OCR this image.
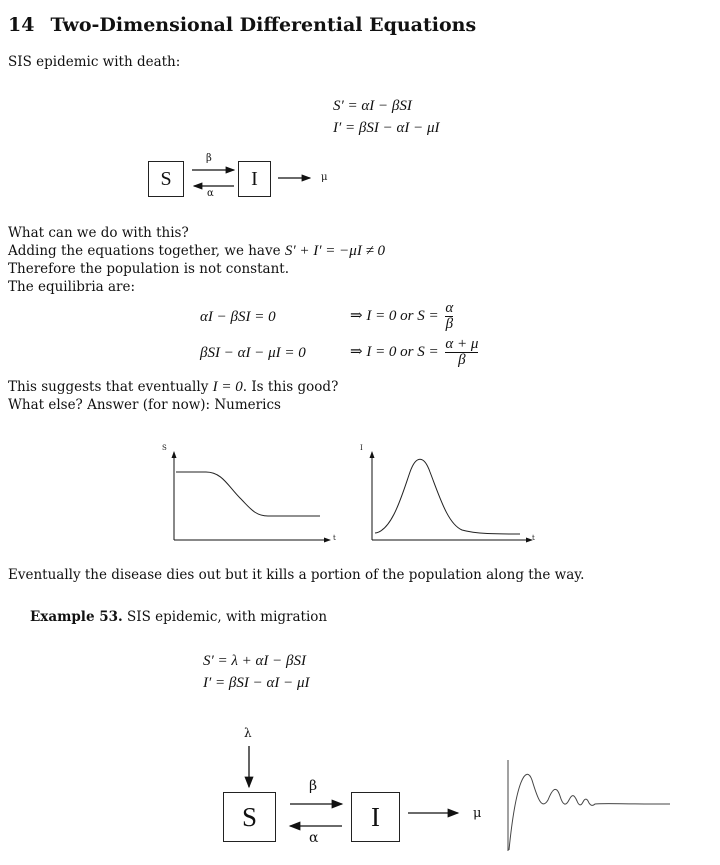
14 Two-Dimensional Differential Equations
SIS epidemic with death:
S′ = αI − βSI
I′ = βSI − αI − μI
S	I
β
α
μ
What can we do with this?
Adding the equations together, we have S′ + I′ = −μI ≠ 0
Therefore the population is not constant.
The equilibria are:
αI − βSI = 0	⇒ I = 0 or $S = \frac{\alpha}{\beta}$
βSI − αI − μI = 0	⇒ I = 0 or $S = \frac{\alpha + \mu}{\beta}$
This suggests that eventually I = 0. Is this good?
What else? Answer (for now): Numerics
S
t
I
t
Eventually the disease dies out but it kills a portion of the population along the way.
Example 53. SIS epidemic, with migration
S′ = λ + αI − βSI
I′ = βSI − αI − μI
λ
S	I
β
α
μ
